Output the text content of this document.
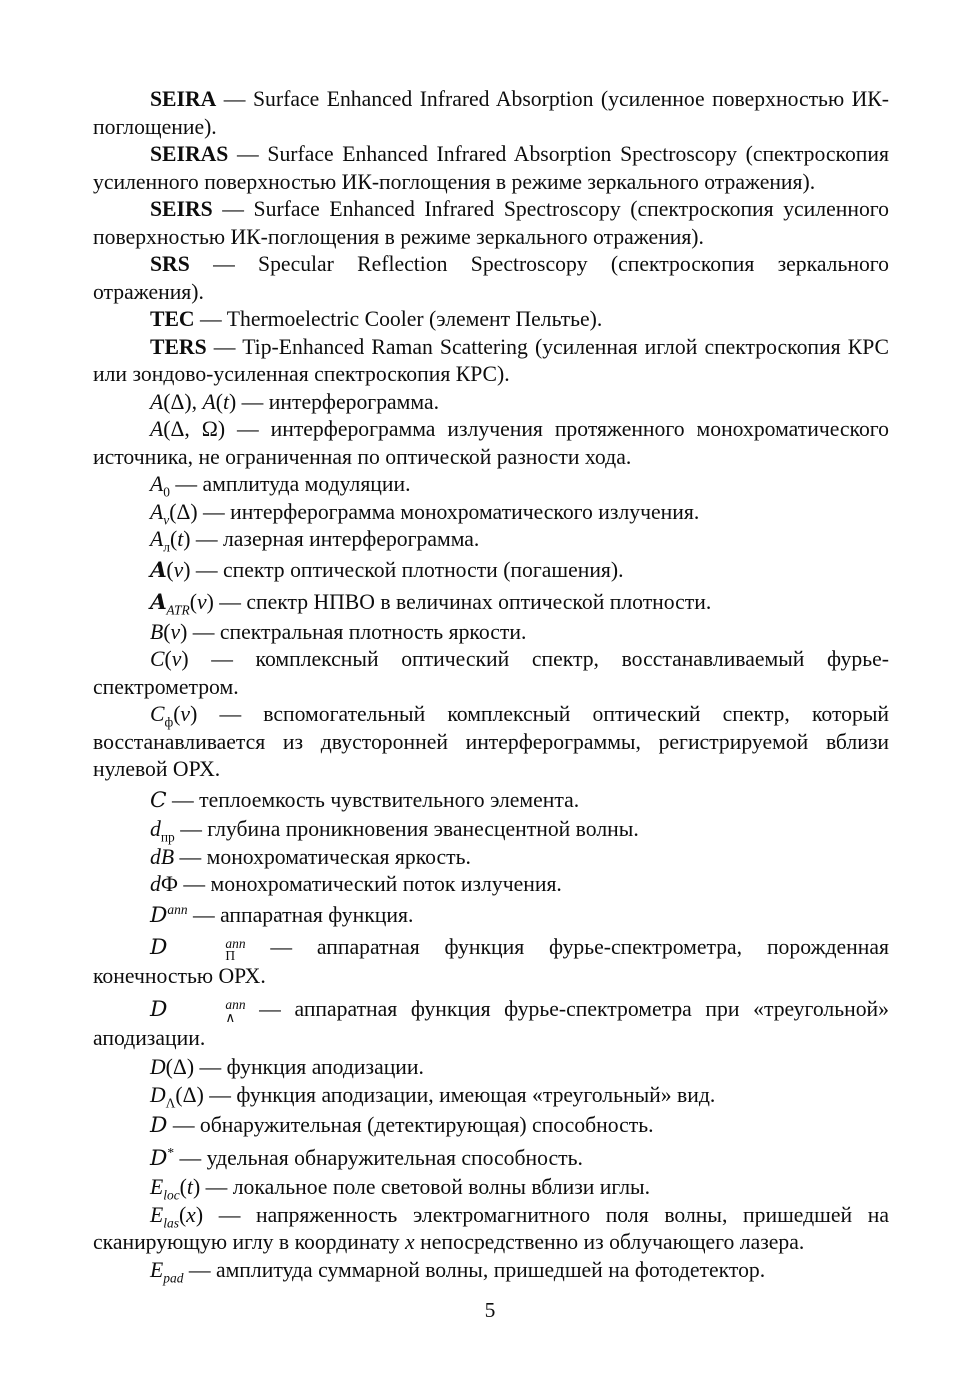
SEIRA — Surface Enhanced Infrared Absorption (усиленное поверхностью ИК-поглощение).

SEIRAS — Surface Enhanced Infrared Absorption Spectroscopy (спектроскопия усиленного поверхностью ИК-поглощения в режиме зеркального отражения).

SEIRS — Surface Enhanced Infrared Spectroscopy (спектроскопия усиленного поверхностью ИК-поглощения в режиме зеркального отражения).

SRS — Specular Reflection Spectroscopy (спектроскопия зеркального отражения).

TEC — Thermoelectric Cooler (элемент Пельтье).

TERS — Tip-Enhanced Raman Scattering (усиленная иглой спектроскопия КРС или зондово-усиленная спектроскопия КРС).

A(Δ), A(t) — интерферограмма.

A(Δ, Ω) — интерферограмма излучения протяженного монохроматического источника, не ограниченная по оптической разности хода.

$A_0$ — амплитуда модуляции.

$A_\nu(\Delta)$ — интерферограмма монохроматического излучения.

$A_л(t)$ — лазерная интерферограмма.

A(ν) — спектр оптической плотности (погашения).

$A_{ATR}(\nu)$ — спектр НПВО в величинах оптической плотности.

B(ν) — спектральная плотность яркости.

C(ν) — комплексный оптический спектр, восстанавливаемый фурье-спектрометром.

$C_ф(\nu)$ — вспомогательный комплексный оптический спектр, который восстанавливается из двусторонней интерферограммы, регистрируемой вблизи нулевой ОРХ.

C — теплоемкость чувствительного элемента.

$d_{пр}$ — глубина проникновения эванесцентной волны.

dB — монохроматическая яркость.

dФ — монохроматический поток излучения.

$D^{апп}$ — аппаратная функция.

D	апп
П — аппаратная функция фурье-спектрометра, порожденная конечностью ОРХ.

D	апп
∧ — аппаратная функция фурье-спектрометра при «треугольной» аподизации.

D(Δ) — функция аподизации.

$D_\Lambda(\Delta)$ — функция аподизации, имеющая «треугольный» вид.

D — обнаружительная (детектирующая) способность.

D* — удельная обнаружительная способность.

$E_{loc}(t)$ — локальное поле световой волны вблизи иглы.

$E_{las}(x)$ — напряженность электромагнитного поля волны, пришедшей на сканирующую иглу в координату x непосредственно из облучающего лазера.

$E_{pad}$ — амплитуда суммарной волны, пришедшей на фотодетектор.

5
